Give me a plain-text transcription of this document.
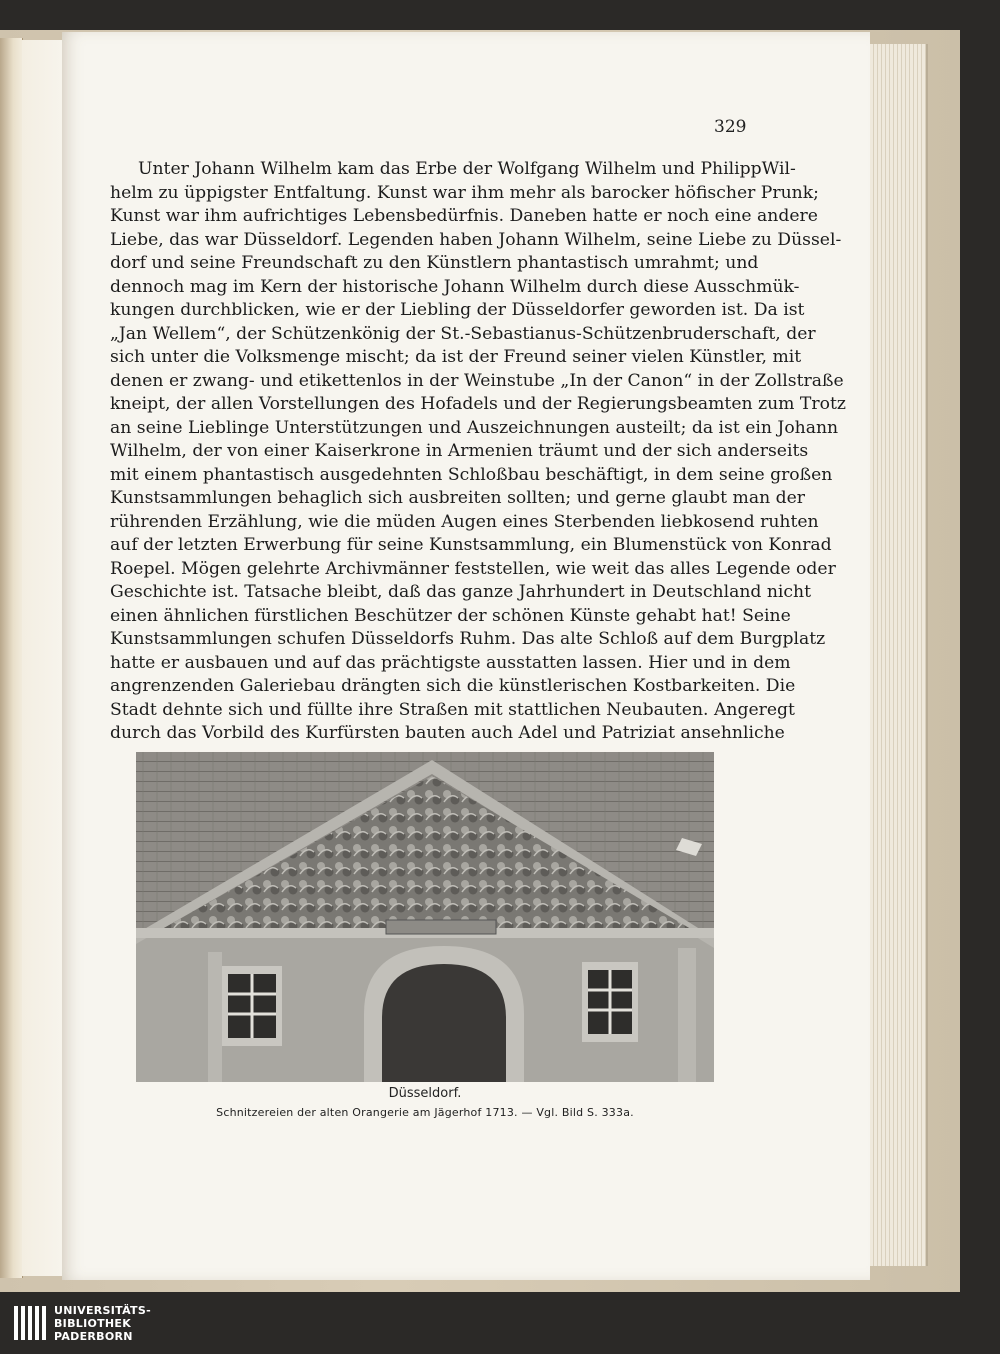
329
Unter Johann Wilhelm kam das Erbe der Wolfgang Wilhelm und PhilippWil-
helm zu üppigster Entfaltung. Kunst war ihm mehr als barocker höfischer Prunk;
Kunst war ihm aufrichtiges Lebensbedürfnis. Daneben hatte er noch eine andere
Liebe, das war Düsseldorf. Legenden haben Johann Wilhelm, seine Liebe zu Düssel-
dorf und seine Freundschaft zu den Künstlern phantastisch umrahmt; und
dennoch mag im Kern der historische Johann Wilhelm durch diese Ausschmük-
kungen durchblicken, wie er der Liebling der Düsseldorfer geworden ist. Da ist
„Jan Wellem“, der Schützenkönig der St.-Sebastianus-Schützenbruderschaft, der
sich unter die Volksmenge mischt; da ist der Freund seiner vielen Künstler, mit
denen er zwang- und etikettenlos in der Weinstube „In der Canon“ in der Zollstraße
kneipt, der allen Vorstellungen des Hofadels und der Regierungsbeamten zum Trotz
an seine Lieblinge Unterstützungen und Auszeichnungen austeilt; da ist ein Johann
Wilhelm, der von einer Kaiserkrone in Armenien träumt und der sich anderseits
mit einem phantastisch ausgedehnten Schloßbau beschäftigt, in dem seine großen
Kunstsammlungen behaglich sich ausbreiten sollten; und gerne glaubt man der
rührenden Erzählung, wie die müden Augen eines Sterbenden liebkosend ruhten
auf der letzten Erwerbung für seine Kunstsammlung, ein Blumenstück von Konrad
Roepel. Mögen gelehrte Archivmänner feststellen, wie weit das alles Legende oder
Geschichte ist. Tatsache bleibt, daß das ganze Jahrhundert in Deutschland nicht
einen ähnlichen fürstlichen Beschützer der schönen Künste gehabt hat! Seine
Kunstsammlungen schufen Düsseldorfs Ruhm. Das alte Schloß auf dem Burgplatz
hatte er ausbauen und auf das prächtigste ausstatten lassen. Hier und in dem
angrenzenden Galeriebau drängten sich die künstlerischen Kostbarkeiten. Die
Stadt dehnte sich und füllte ihre Straßen mit stattlichen Neubauten. Angeregt
durch das Vorbild des Kurfürsten bauten auch Adel und Patriziat ansehnliche
Düsseldorf.
Schnitzereien der alten Orangerie am Jägerhof 1713. — Vgl. Bild S. 333a.
UNIVERSITÄTS-
BIBLIOTHEK
PADERBORN
